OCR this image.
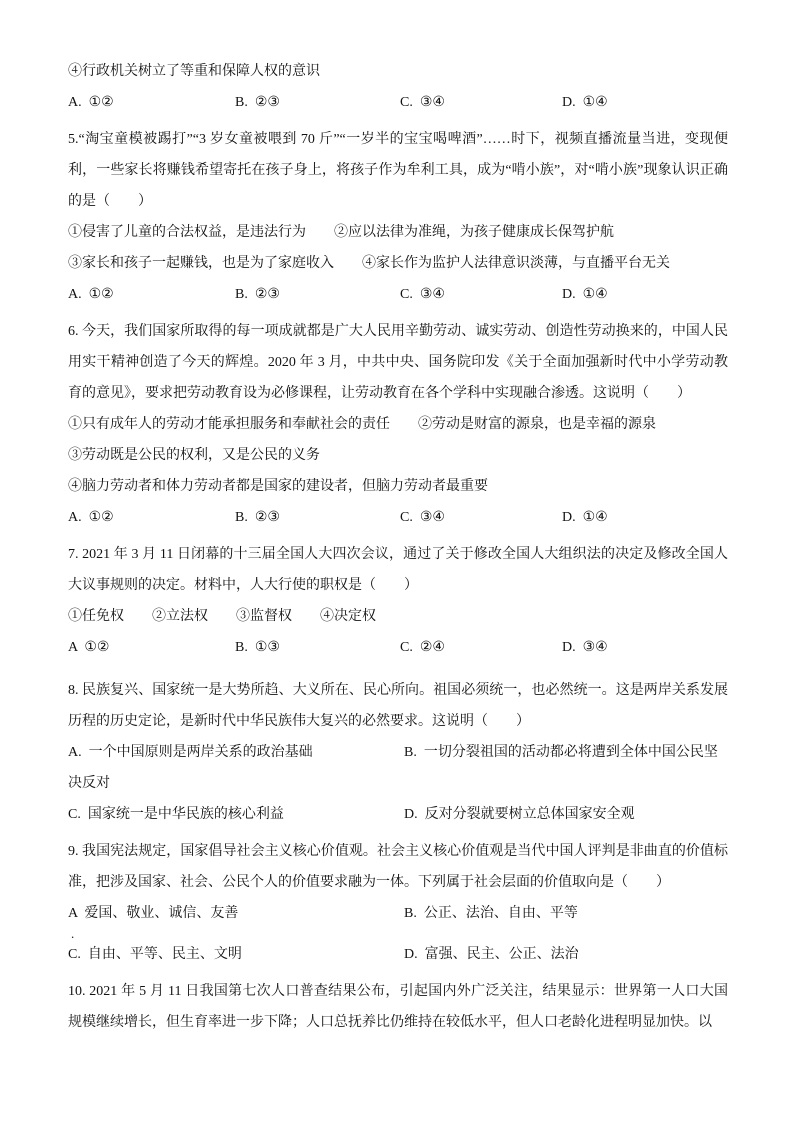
④行政机关树立了等重和保障人权的意识

A.  ①②	B.  ②③	C.  ③④	D.  ①④

5.“淘宝童模被踢打”“3 岁女童被喂到 70 斤”“一岁半的宝宝喝啤酒”……时下，视频直播流量当进，变现便利，一些家长将赚钱希望寄托在孩子身上，将孩子作为牟利工具，成为“啃小族”，对“啃小族”现象认识正确的是（　　）

①侵害了儿童的合法权益，是违法行为　　②应以法律为准绳，为孩子健康成长保驾护航

③家长和孩子一起赚钱，也是为了家庭收入　　④家长作为监护人法律意识淡薄，与直播平台无关

A.  ①②	B.  ②③	C.  ③④	D.  ①④

6. 今天，我们国家所取得的每一项成就都是广大人民用辛勤劳动、诚实劳动、创造性劳动换来的，中国人民用实干精神创造了今天的辉煌。2020 年 3 月，中共中央、国务院印发《关于全面加强新时代中小学劳动教育的意见》，要求把劳动教育设为必修课程，让劳动教育在各个学科中实现融合渗透。这说明（　　）

①只有成年人的劳动才能承担服务和奉献社会的责任　　②劳动是财富的源泉，也是幸福的源泉

③劳动既是公民的权利，又是公民的义务

④脑力劳动者和体力劳动者都是国家的建设者，但脑力劳动者最重要

A.  ①②	B.  ②③	C.  ③④	D.  ①④

7. 2021 年 3 月 11 日闭幕的十三届全国人大四次会议，通过了关于修改全国人大组织法的决定及修改全国人大议事规则的决定。材料中，人大行使的职权是（　　）

①任免权　　②立法权　　③监督权　　④决定权

A  ①②	B.  ①③	C.  ②④	D.  ③④

8. 民族复兴、国家统一是大势所趋、大义所在、民心所向。祖国必须统一，也必然统一。这是两岸关系发展历程的历史定论，是新时代中华民族伟大复兴的必然要求。这说明（　　）

A.  一个中国原则是两岸关系的政治基础	B.  一切分裂祖国的活动都必将遭到全体中国公民坚决反对

C.  国家统一是中华民族的核心利益	D.  反对分裂就要树立总体国家安全观

9. 我国宪法规定，国家倡导社会主义核心价值观。社会主义核心价值观是当代中国人评判是非曲直的价值标准，把涉及国家、社会、公民个人的价值要求融为一体。下列属于社会层面的价值取向是（　　）

A  爱国、敬业、诚信、友善	B.  公正、法治、自由、平等

.

C.  自由、平等、民主、文明	D.  富强、民主、公正、法治

10. 2021 年 5 月 11 日我国第七次人口普查结果公布，引起国内外广泛关注，结果显示：世界第一人口大国规模继续增长，但生育率进一步下降；人口总抚养比仍维持在较低水平，但人口老龄化进程明显加快。以
